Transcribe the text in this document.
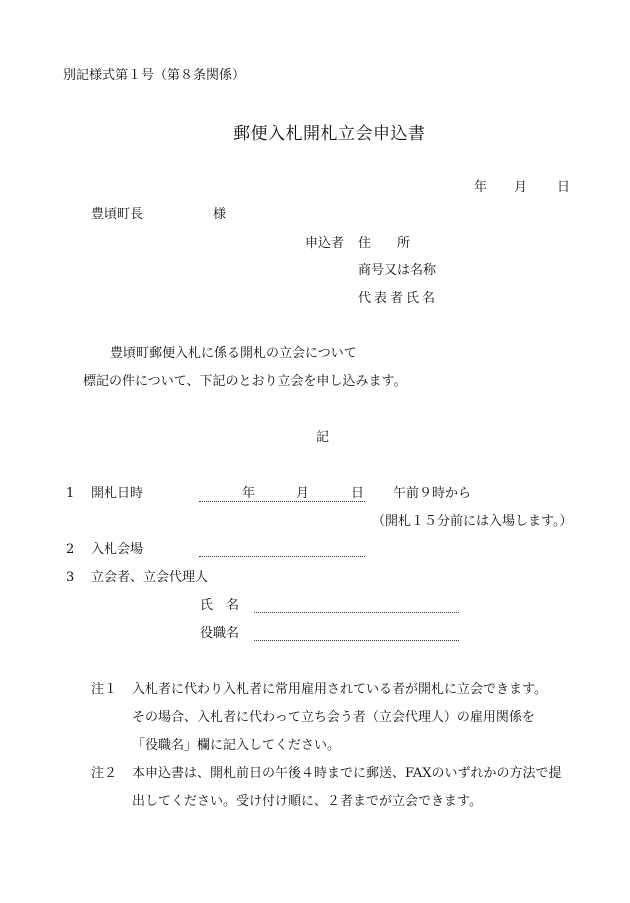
別記様式第１号（第８条関係）
郵便入札開札立会申込書
年 月 日
豊頃町長	様
申込者 住　　所
商号又は名称
代表者氏名
豊頃町郵便入札に係る開札の立会について
標記の件について、下記のとおり立会を申し込みます。
記
1 開札日時	年	月	日 午前９時から
（開札１５分前には入場します。）
2 入札会場
3 立会者、立会代理人
氏　名
役職名
注１ 入札者に代わり入札者に常用雇用されている者が開札に立会できます。
その場合、入札者に代わって立ち会う者（立会代理人）の雇用関係を
「役職名」欄に記入してください。
注２ 本申込書は、開札前日の午後４時までに郵送、FAXのいずれかの方法で提
出してください。受け付け順に、２者までが立会できます。
